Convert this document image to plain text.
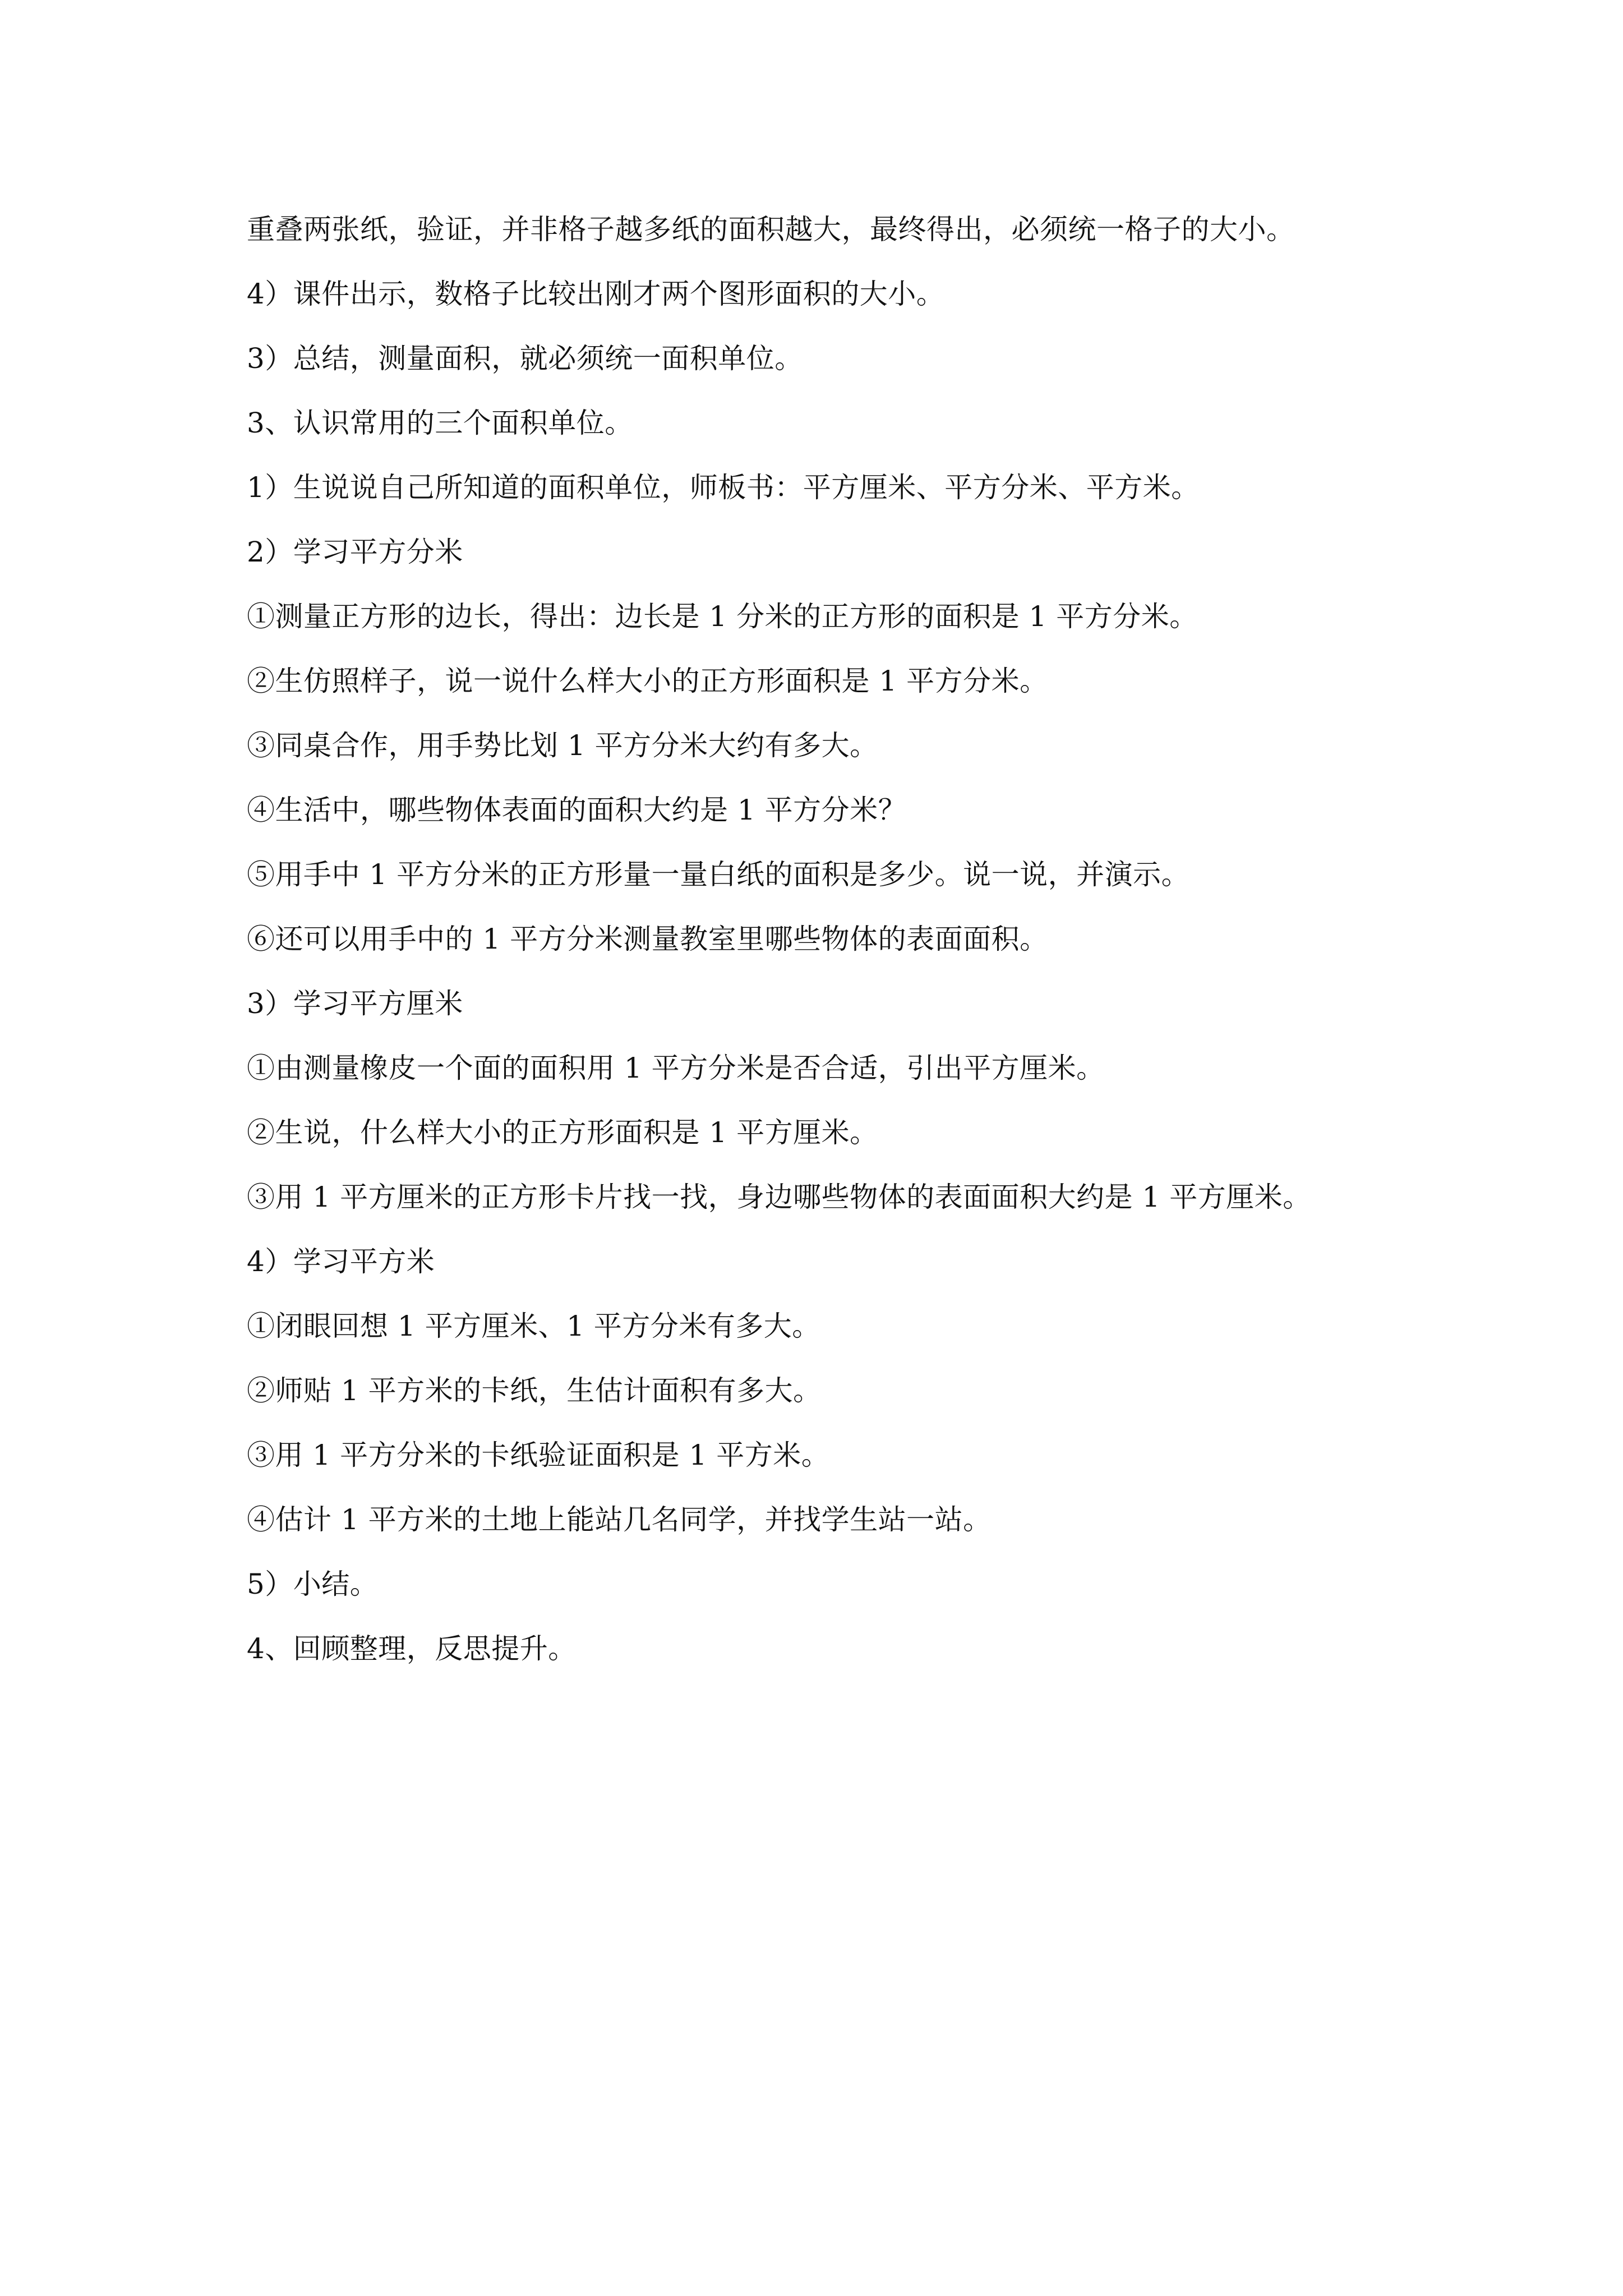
重叠两张纸，验证，并非格子越多纸的面积越大，最终得出，必须统一格子的大小。
4）课件出示，数格子比较出刚才两个图形面积的大小。
3）总结，测量面积，就必须统一面积单位。
3、认识常用的三个面积单位。
1）生说说自己所知道的面积单位，师板书：平方厘米、平方分米、平方米。
2）学习平方分米
①测量正方形的边长，得出：边长是 1 分米的正方形的面积是 1 平方分米。
②生仿照样子，说一说什么样大小的正方形面积是 1 平方分米。
③同桌合作，用手势比划 1 平方分米大约有多大。
④生活中，哪些物体表面的面积大约是 1 平方分米？
⑤用手中 1 平方分米的正方形量一量白纸的面积是多少。说一说，并演示。
⑥还可以用手中的 1 平方分米测量教室里哪些物体的表面面积。
3）学习平方厘米
①由测量橡皮一个面的面积用 1 平方分米是否合适，引出平方厘米。
②生说，什么样大小的正方形面积是 1 平方厘米。
③用 1 平方厘米的正方形卡片找一找，身边哪些物体的表面面积大约是 1 平方厘米。
4）学习平方米
①闭眼回想 1 平方厘米、1 平方分米有多大。
②师贴 1 平方米的卡纸，生估计面积有多大。
③用 1 平方分米的卡纸验证面积是 1 平方米。
④估计 1 平方米的土地上能站几名同学，并找学生站一站。
5）小结。
4、回顾整理，反思提升。
